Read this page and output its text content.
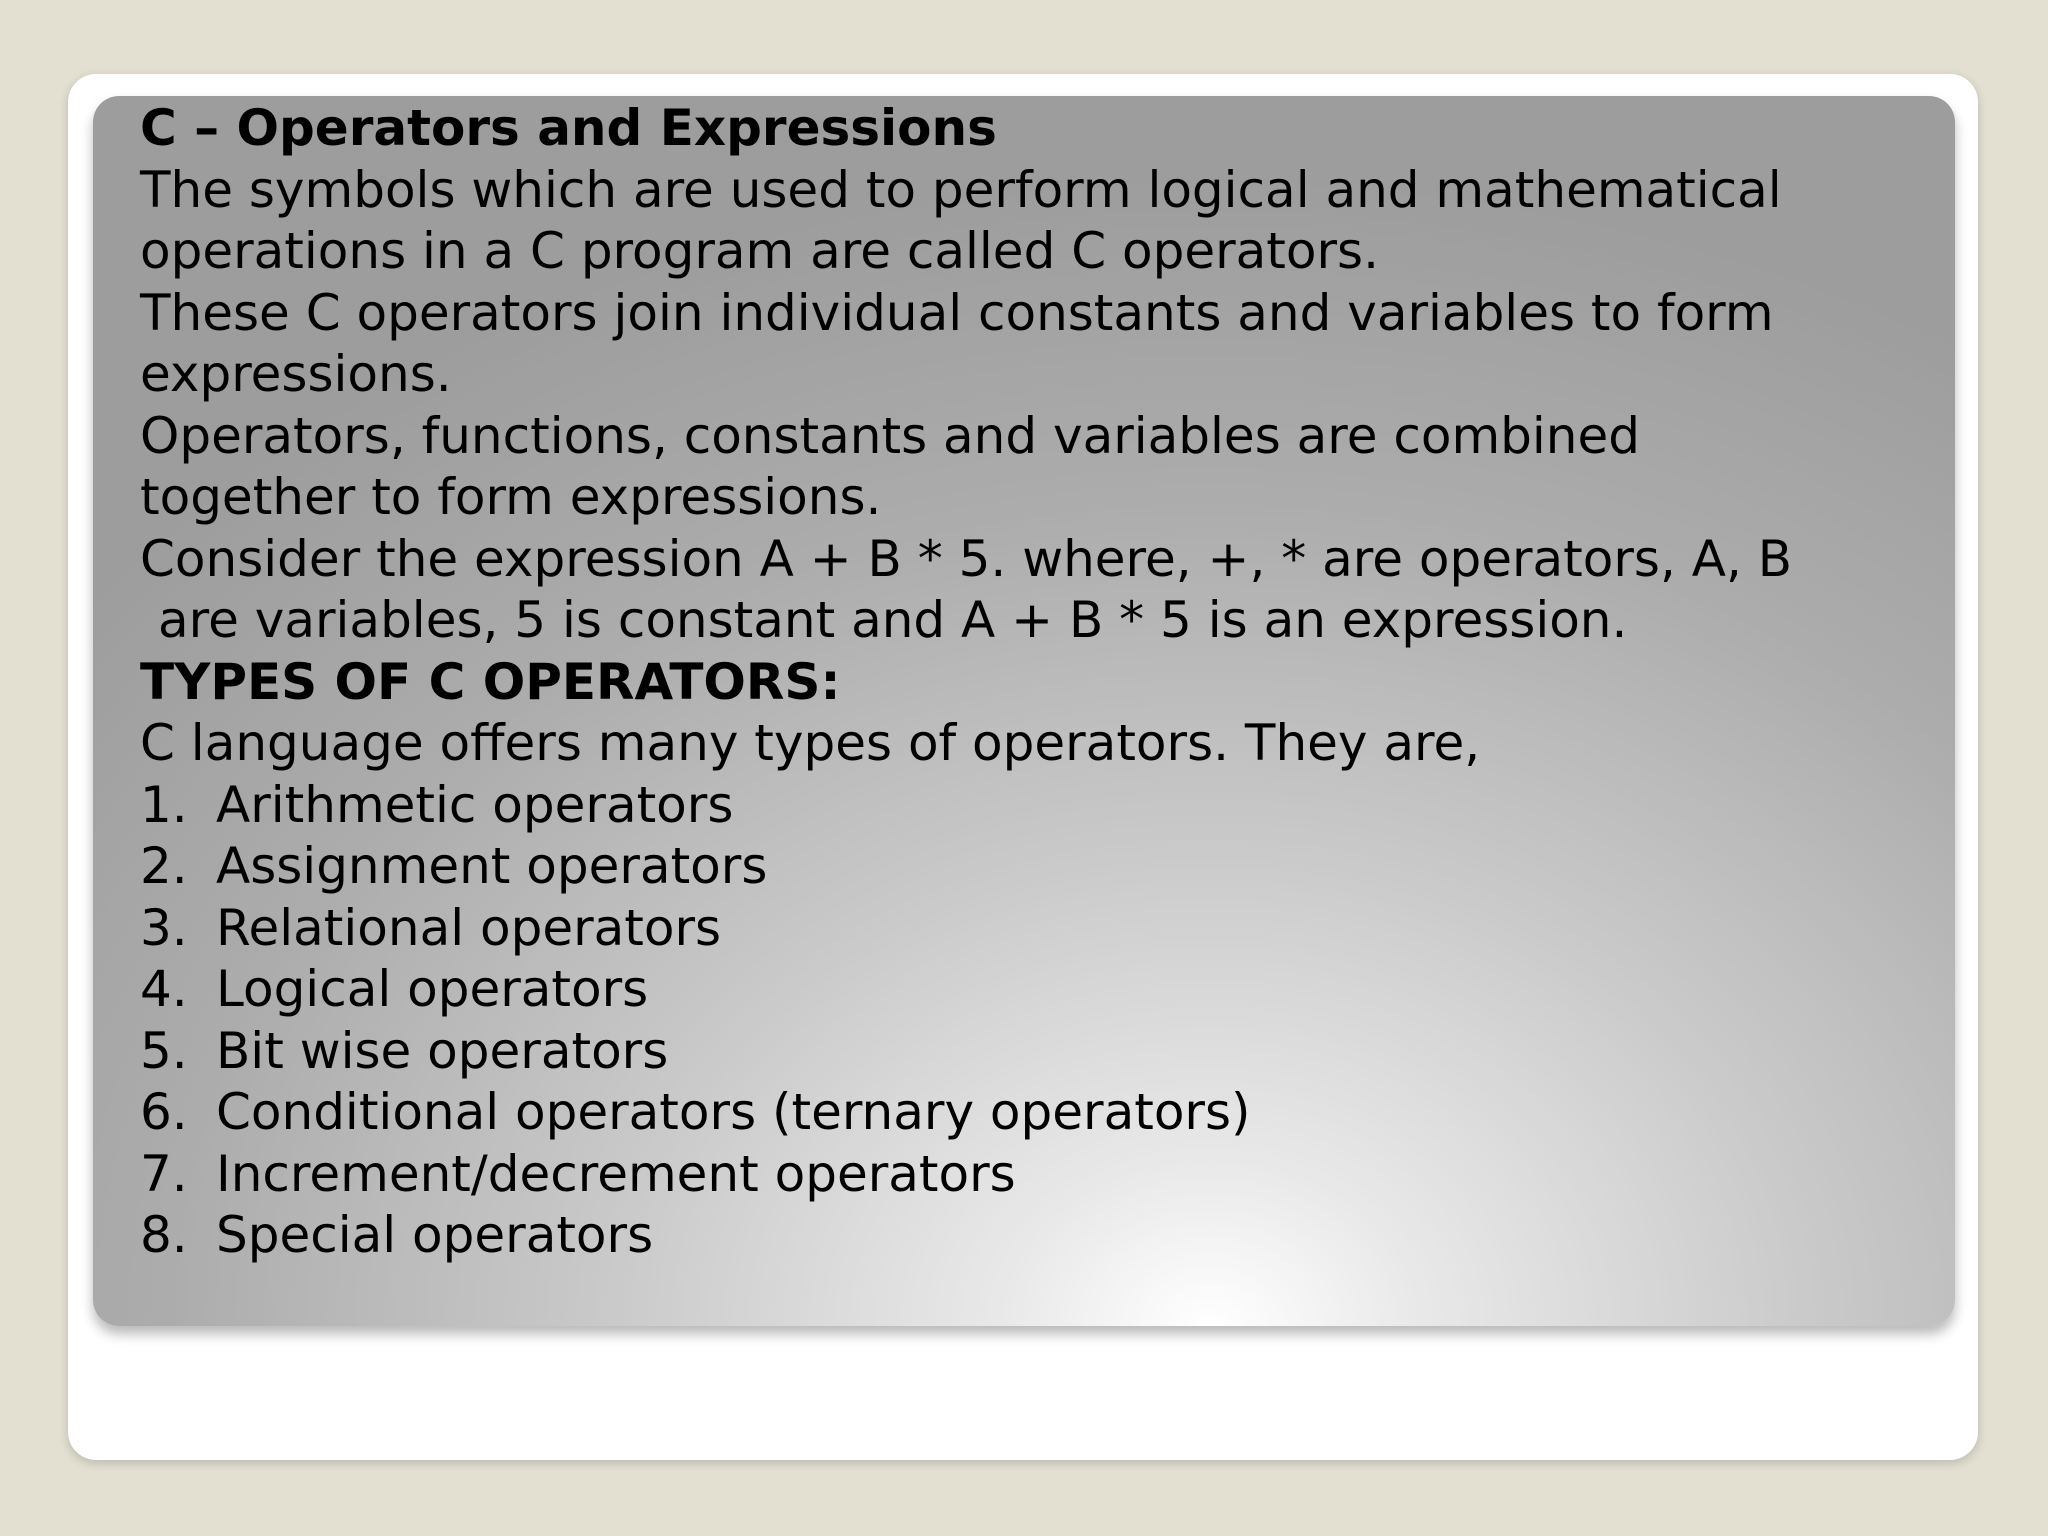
C – Operators and Expressions
The symbols which are used to perform logical and mathematical
operations in a C program are called C operators.
These C operators join individual constants and variables to form
expressions.
Operators, functions, constants and variables are combined
together to form expressions.
Consider the expression A + B * 5. where, +, * are operators, A, B
are variables, 5 is constant and A + B * 5 is an expression.
TYPES OF C OPERATORS:
C language offers many types of operators. They are,
1. Arithmetic operators
2. Assignment operators
3. Relational operators
4. Logical operators
5. Bit wise operators
6. Conditional operators (ternary operators)
7. Increment/decrement operators
8. Special operators
